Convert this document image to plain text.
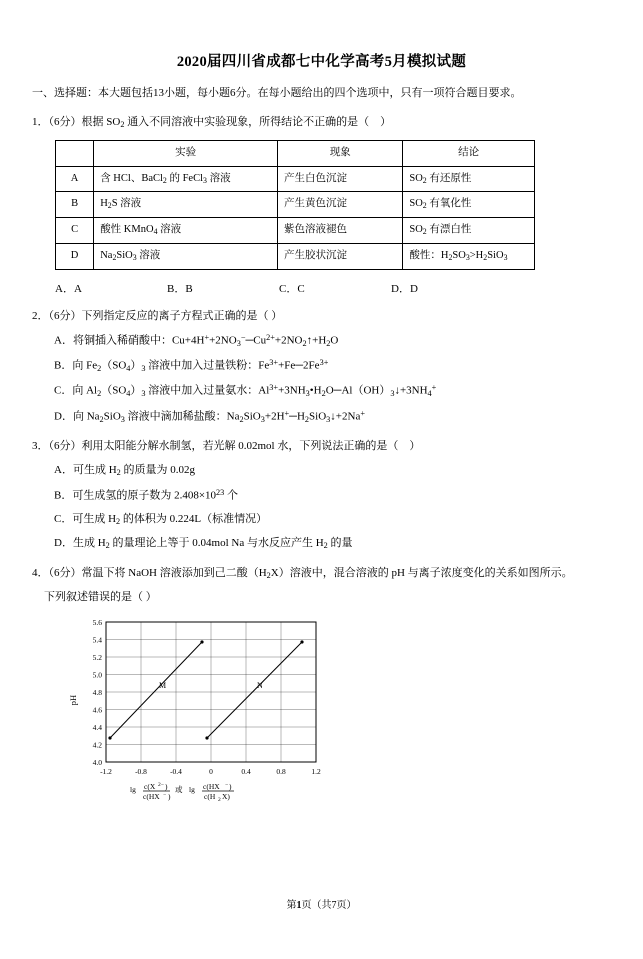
2020届四川省成都七中化学高考5月模拟试题
一、选择题：本大题包括13小题，每小题6分。在每小题给出的四个选项中，只有一项符合题目要求。
1．（6分）根据 $SO_2$ 通入不同溶液中实验现象，所得结论不正确的是（    ）
	实验	现象	结论
A	含 HCl、BaCl$_2$ 的 FeCl$_3$ 溶液	产生白色沉淀	$SO_2$ 有还原性
B	$H_2S$ 溶液	产生黄色沉淀	$SO_2$ 有氧化性
C	酸性 KMnO$_4$ 溶液	紫色溶液褪色	$SO_2$ 有漂白性
D	$Na_2SiO_3$ 溶液	产生胶状沉淀	酸性：$H_2SO_3>H_2SiO_3$
A．A	B．B	C．C	D．D
2．（6分）下列指定反应的离子方程式正确的是（ ）
A．将铜插入稀硝酸中：$Cu+4H^++2NO_3^-─Cu^{2+}+2NO_2↑+H_2O$
B．向 $Fe_2(SO_4)_3$ 溶液中加入过量铁粉：$Fe^{3+}+Fe─2Fe^{3+}$
C．向 $Al_2(SO_4)_3$ 溶液中加入过量氨水：$Al^{3+}+3NH_3•H_2O─Al(OH)_3↓+3NH_4^+$
D．向 $Na_2SiO_3$ 溶液中滴加稀盐酸：$Na_2SiO_3+2H^+─H_2SiO_3↓+2Na^+$
3．（6分）利用太阳能分解水制氢，若光解 0.02mol 水，下列说法正确的是（    ）
A．可生成 $H_2$ 的质量为 0.02g
B．可生成氢的原子数为 $2.408\times 10^{23}$ 个
C．可生成 $H_2$ 的体积为 0.224L（标准情况）
D．生成 $H_2$ 的量理论上等于 0.04mol Na 与水反应产生 $H_2$ 的量
4．（6分）常温下将 NaOH 溶液添加到己二酸$(H_2X)$溶液中，混合溶液的 pH 与离子浓度变化的关系如图所示。
下列叙述错误的是（ ）
5.6
5.4
5.2
5.0
4.8
4.6
4.4
4.2
4.0
-1.2	-0.8	-0.4	0	0.4	0.8	1.2
pH
M	N
lg c(X 2− )
c(HX − )
或 lg c(HX − )
c(H 2 X)
第1页（共7页）
